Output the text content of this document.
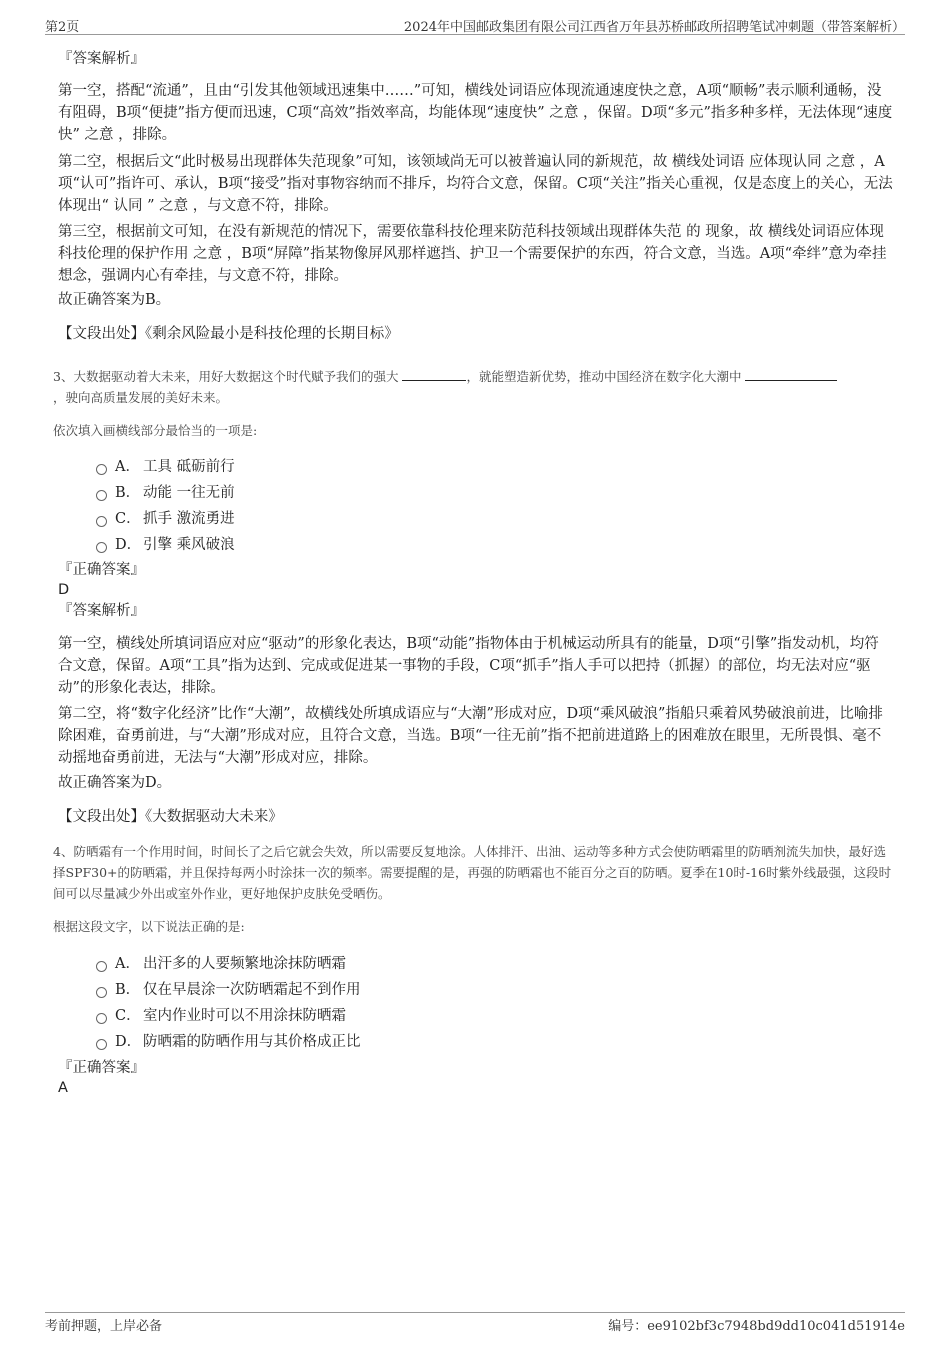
第2页	2024年中国邮政集团有限公司江西省万年县苏桥邮政所招聘笔试冲刺题（带答案解析）
『答案解析』
第一空，搭配“流通”，且由“引发其他领域迅速集中……”可知，横线处词语应体现流通速度快之意，A项“顺畅”表示顺利通畅，没有阻碍，B项“便捷”指方便而迅速，C项“高效”指效率高，均能体现“速度快” 之意 ，保留。D项“多元”指多种多样，无法体现“速度快” 之意 ，排除。
第二空，根据后文“此时极易出现群体失范现象”可知，该领域尚无可以被普遍认同的新规范，故 横线处词语 应体现认同 之意 ，A项“认可”指许可、承认，B项“接受”指对事物容纳而不排斥，均符合文意，保留。C项“关注”指关心重视，仅是态度上的关心，无法体现出“ 认同 ” 之意 ，与文意不符，排除。
第三空，根据前文可知，在没有新规范的情况下，需要依靠科技伦理来防范科技领域出现群体失范 的 现象，故 横线处词语应体现科技伦理的保护作用 之意 ，B项“屏障”指某物像屏风那样遮挡、护卫一个需要保护的东西，符合文意，当选。A项“牵绊”意为牵挂想念，强调内心有牵挂，与文意不符，排除。
故正确答案为B。
【文段出处】《剩余风险最小是科技伦理的长期目标》
3、大数据驱动着大未来，用好大数据这个时代赋予我们的强大	，就能塑造新优势，推动中国经济在数字化大潮中
，驶向高质量发展的美好未来。
依次填入画横线部分最恰当的一项是:
A． 工具 砥砺前行
B． 动能 一往无前
C． 抓手 激流勇进
D． 引擎 乘风破浪
『正确答案』
D
『答案解析』
第一空，横线处所填词语应对应“驱动”的形象化表达，B项“动能”指物体由于机械运动所具有的能量，D项“引擎”指发动机，均符合文意，保留。A项“工具”指为达到、完成或促进某一事物的手段，C项“抓手”指人手可以把持（抓握）的部位，均无法对应“驱动”的形象化表达，排除。
第二空，将“数字化经济”比作“大潮”，故横线处所填成语应与“大潮”形成对应，D项“乘风破浪”指船只乘着风势破浪前进，比喻排除困难，奋勇前进，与“大潮”形成对应，且符合文意，当选。B项“一往无前”指不把前进道路上的困难放在眼里，无所畏惧、毫不动摇地奋勇前进，无法与“大潮”形成对应，排除。
故正确答案为D。
【文段出处】《大数据驱动大未来》
4、防晒霜有一个作用时间，时间长了之后它就会失效，所以需要反复地涂。人体排汗、出油、运动等多种方式会使防晒霜里的防晒剂流失加快，最好选择SPF30+的防晒霜，并且保持每两小时涂抹一次的频率。需要提醒的是，再强的防晒霜也不能百分之百的防晒。夏季在10时-16时紫外线最强，这段时间可以尽量减少外出或室外作业，更好地保护皮肤免受晒伤。
根据这段文字，以下说法正确的是:
A． 出汗多的人要频繁地涂抹防晒霜
B． 仅在早晨涂一次防晒霜起不到作用
C． 室内作业时可以不用涂抹防晒霜
D． 防晒霜的防晒作用与其价格成正比
『正确答案』
A
考前押题，上岸必备	编号：ee9102bf3c7948bd9dd10c041d51914e
